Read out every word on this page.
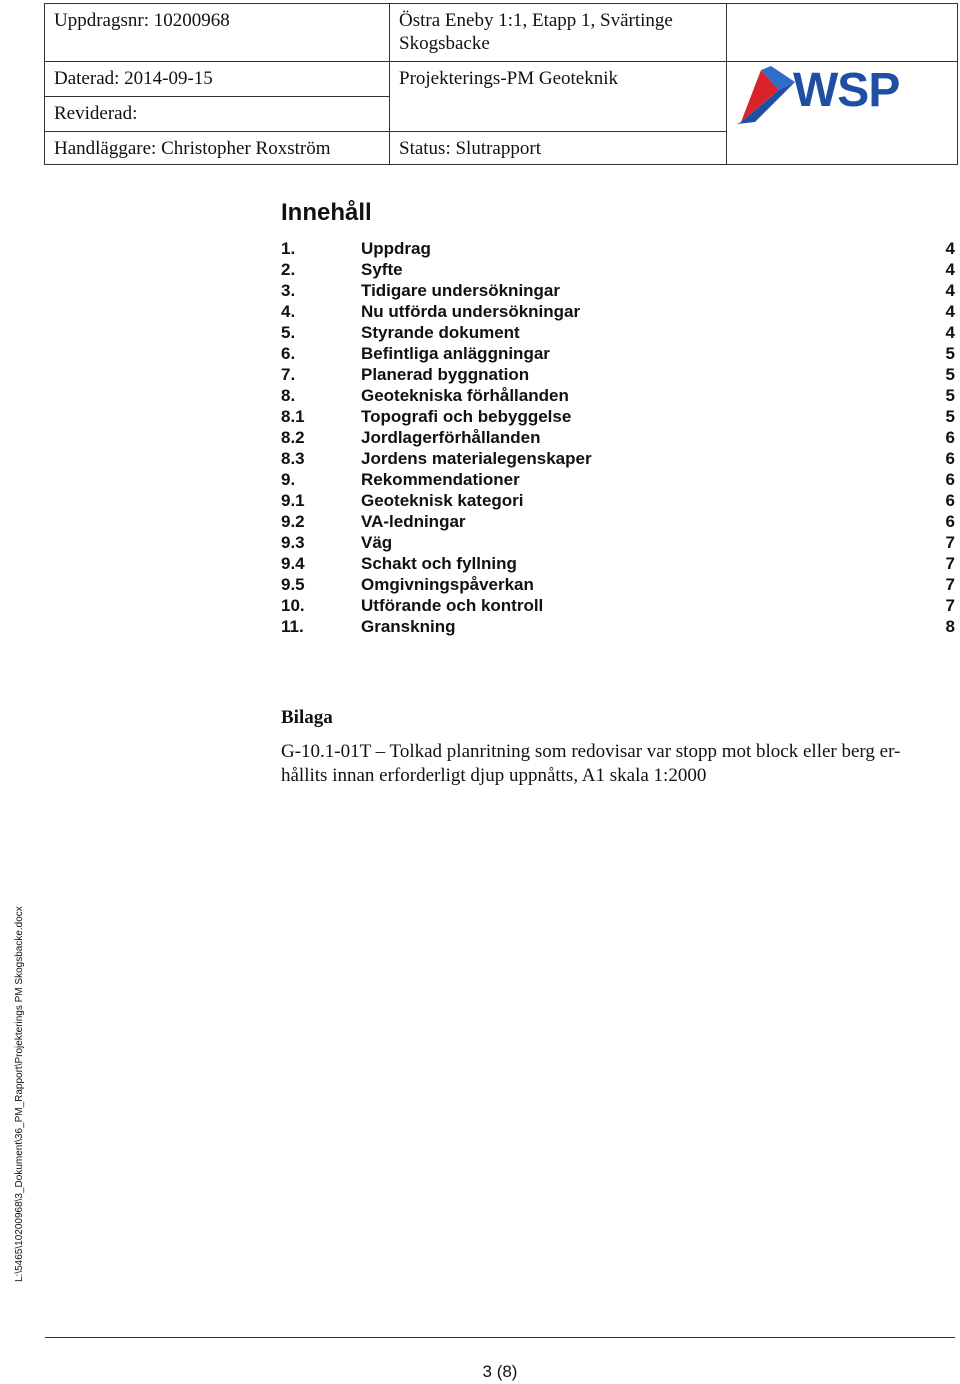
Uppdragsnr: 10200968	Östra Eneby 1:1, Etapp 1, Svärtinge
Skogsbacke
Daterad: 2014-09-15	Projekterings-PM Geoteknik
Reviderad:
Handläggare: Christopher Roxström	Status: Slutrapport
WSP
Innehåll
1.	Uppdrag	4
2.	Syfte	4
3.	Tidigare undersökningar	4
4.	Nu utförda undersökningar	4
5.	Styrande dokument	4
6.	Befintliga anläggningar	5
7.	Planerad byggnation	5
8.	Geotekniska förhållanden	5
8.1	Topografi och bebyggelse	5
8.2	Jordlagerförhållanden	6
8.3	Jordens materialegenskaper	6
9.	Rekommendationer	6
9.1	Geoteknisk kategori	6
9.2	VA-ledningar	6
9.3	Väg	7
9.4	Schakt och fyllning	7
9.5	Omgivningspåverkan	7
10.	Utförande och kontroll	7
11.	Granskning	8
Bilaga
G-10.1-01T – Tolkad planritning som redovisar var stopp mot block eller berg er-
hållits innan erforderligt djup uppnåtts, A1 skala 1:2000
L:\5465\10200968\3_Dokument\36_PM_Rapport\Projekterings PM Skogsbacke.docx
3 (8)
